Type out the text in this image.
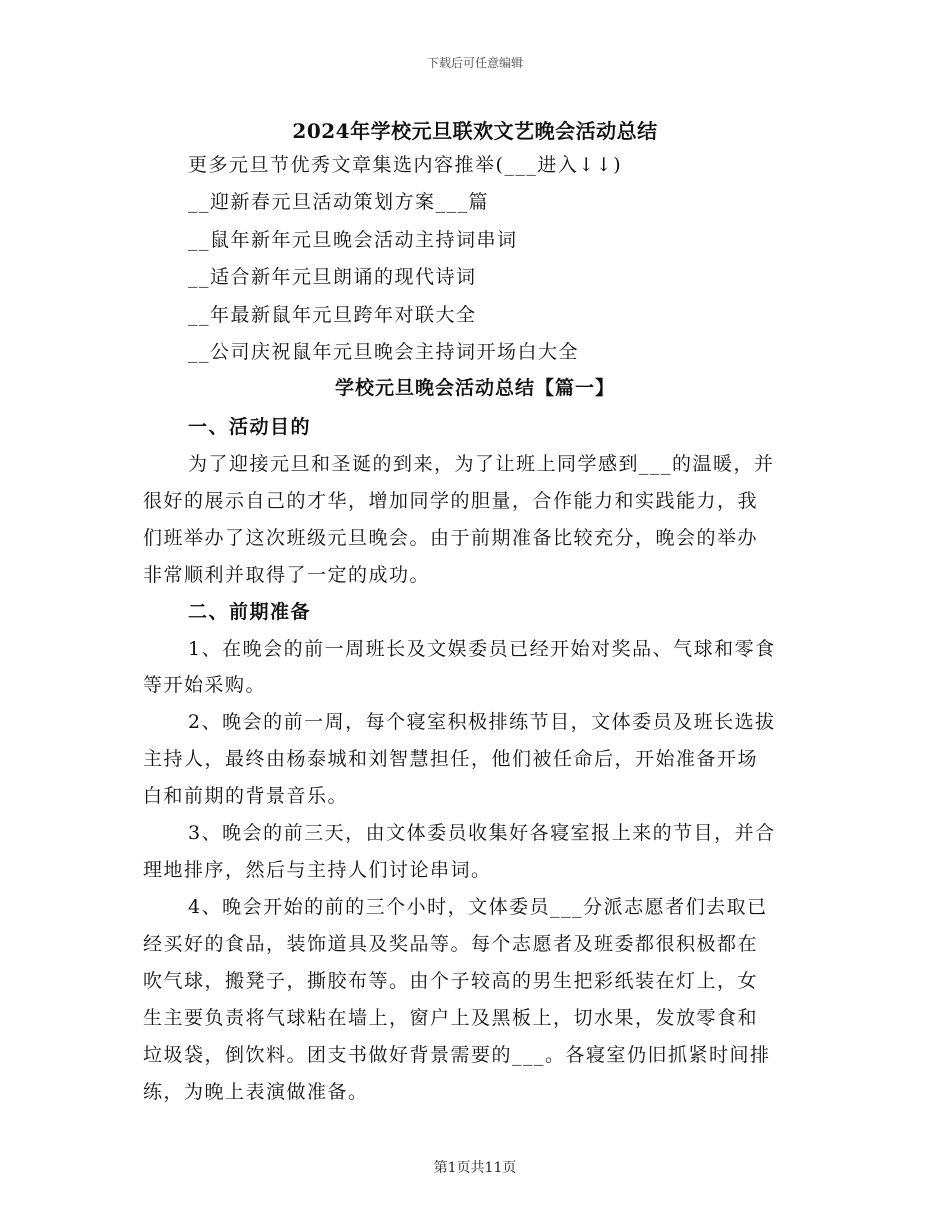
下载后可任意编辑
2024年学校元旦联欢文艺晚会活动总结
更多元旦节优秀文章集选内容推举(___进入↓↓)
__迎新春元旦活动策划方案___篇
__鼠年新年元旦晚会活动主持词串词
__适合新年元旦朗诵的现代诗词
__年最新鼠年元旦跨年对联大全
__公司庆祝鼠年元旦晚会主持词开场白大全
学校元旦晚会活动总结【篇一】
一、活动目的
为了迎接元旦和圣诞的到来，为了让班上同学感到___的温暖，并
很好的展示自己的才华，增加同学的胆量，合作能力和实践能力，我
们班举办了这次班级元旦晚会。由于前期准备比较充分，晚会的举办
非常顺利并取得了一定的成功。
二、前期准备
1、在晚会的前一周班长及文娱委员已经开始对奖品、气球和零食
等开始采购。
2、晚会的前一周，每个寝室积极排练节目，文体委员及班长选拔
主持人，最终由杨泰城和刘智慧担任，他们被任命后，开始准备开场
白和前期的背景音乐。
3、晚会的前三天，由文体委员收集好各寝室报上来的节目，并合
理地排序，然后与主持人们讨论串词。
4、晚会开始的前的三个小时，文体委员___分派志愿者们去取已
经买好的食品，装饰道具及奖品等。每个志愿者及班委都很积极都在
吹气球，搬凳子，撕胶布等。由个子较高的男生把彩纸装在灯上，女
生主要负责将气球粘在墙上，窗户上及黑板上，切水果，发放零食和
垃圾袋，倒饮料。团支书做好背景需要的___。各寝室仍旧抓紧时间排
练，为晚上表演做准备。
第1页共11页
